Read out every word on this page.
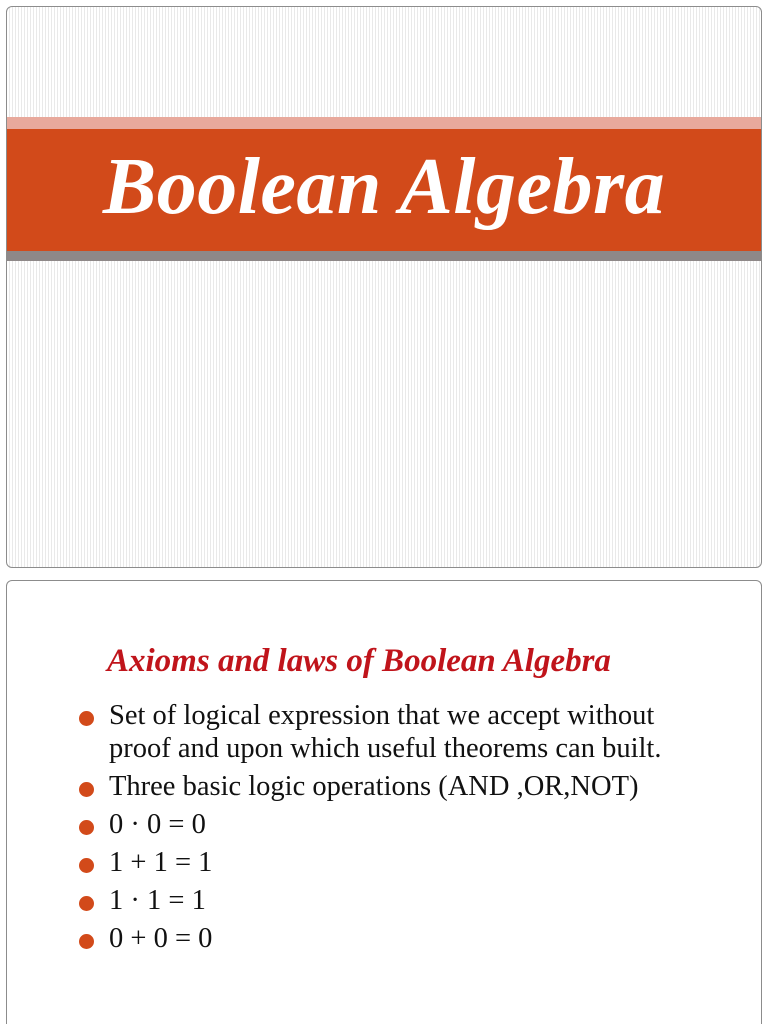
Boolean Algebra
Axioms and laws of Boolean Algebra
Set of logical expression that we accept without proof and upon which useful theorems can built.
Three basic logic operations (AND ,OR,NOT)
0 · 0 = 0
1 + 1 = 1
1 · 1 = 1
0 + 0 = 0
